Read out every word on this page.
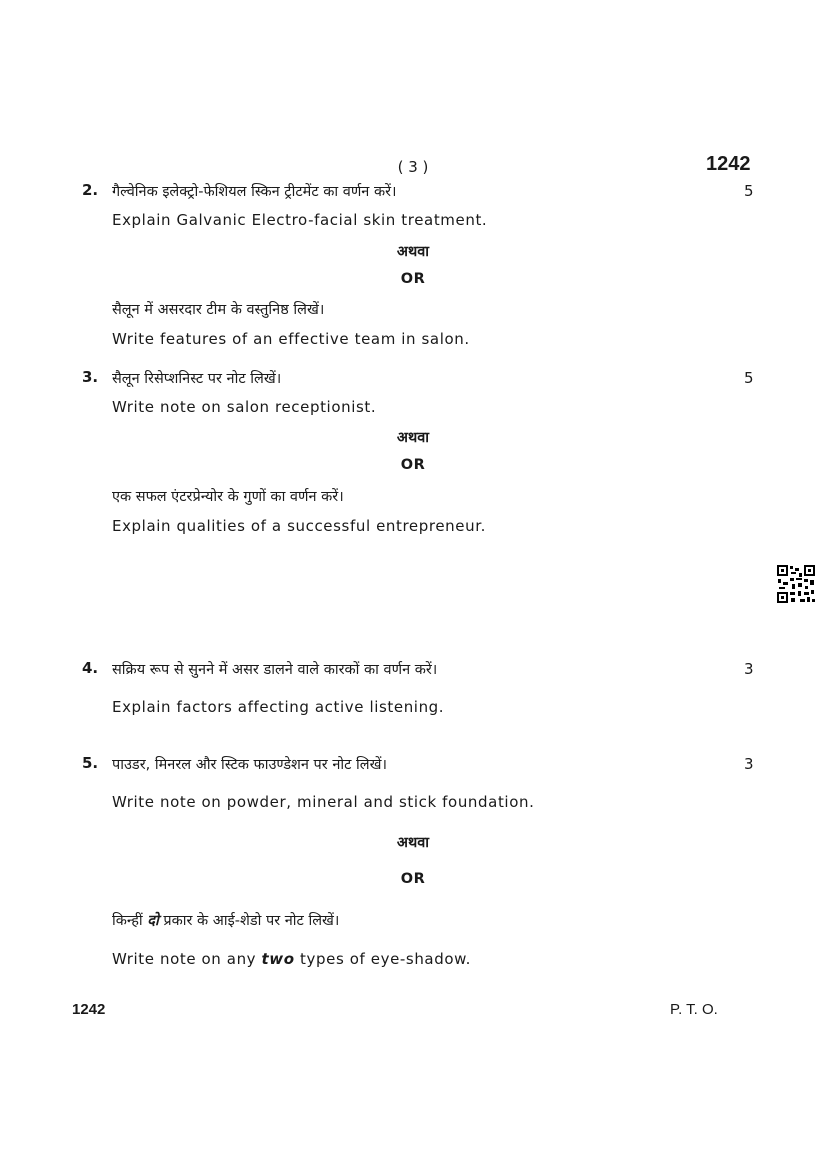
( 3 )	1242
2. गैल्वेनिक इलेक्ट्रो-फेशियल स्किन ट्रीटमेंट का वर्णन करें।	5
Explain Galvanic Electro-facial skin treatment.
अथवा
OR
सैलून में असरदार टीम के वस्तुनिष्ठ लिखें।
Write features of an effective team in salon.
3. सैलून रिसेप्शनिस्ट पर नोट लिखें।	5
Write note on salon receptionist.
अथवा
OR
एक सफल एंटरप्रेन्योर के गुणों का वर्णन करें।
Explain qualities of a successful entrepreneur.
4. सक्रिय रूप से सुनने में असर डालने वाले कारकों का वर्णन करें।	3
Explain factors affecting active listening.
5. पाउडर, मिनरल और स्टिक फाउण्डेशन पर नोट लिखें।	3
Write note on powder, mineral and stick foundation.
अथवा
OR
किन्हीं दो प्रकार के आई-शेडो पर नोट लिखें।
Write note on any two types of eye-shadow.
1242	P. T. O.
